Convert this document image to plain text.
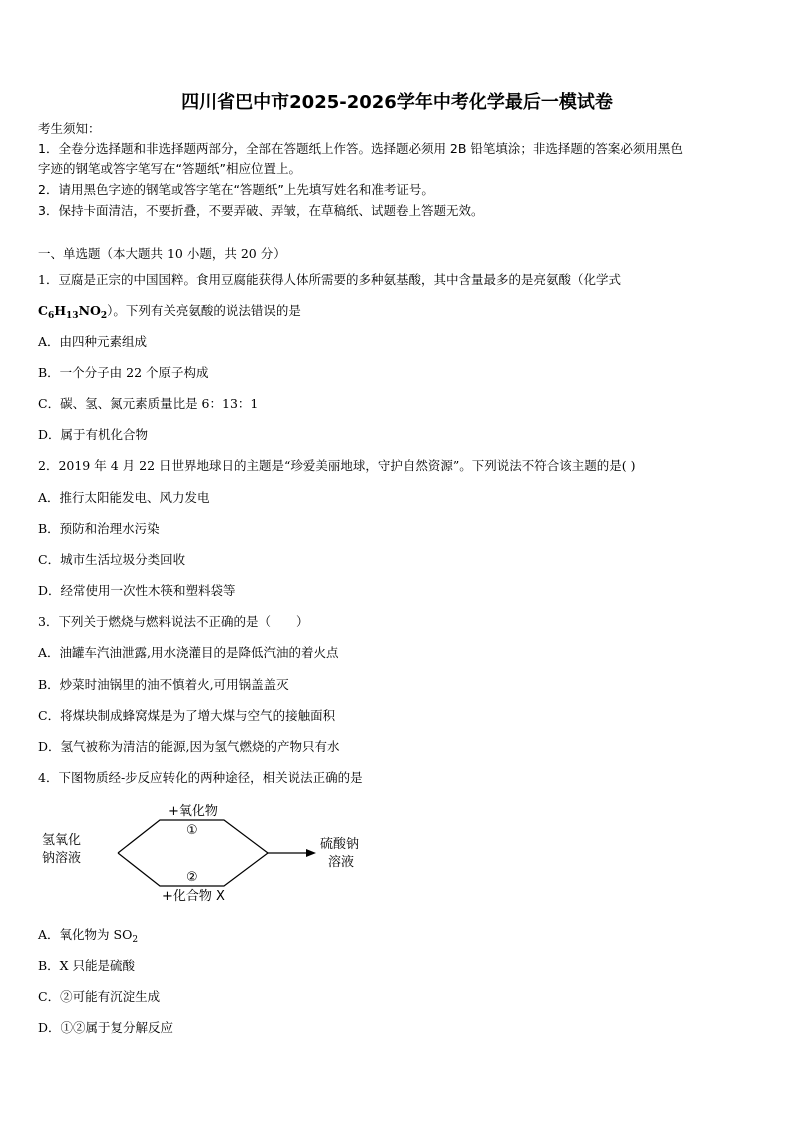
四川省巴中市2025-2026学年中考化学最后一模试卷
考生须知：
1．全卷分选择题和非选择题两部分，全部在答题纸上作答。选择题必须用 2B 铅笔填涂；非选择题的答案必须用黑色
字迹的钢笔或答字笔写在“答题纸”相应位置上。
2．请用黑色字迹的钢笔或答字笔在“答题纸”上先填写姓名和准考证号。
3．保持卡面清洁，不要折叠，不要弄破、弄皱，在草稿纸、试题卷上答题无效。
一、单选题（本大题共 10 小题，共 20 分）
1．豆腐是正宗的中国国粹。食用豆腐能获得人体所需要的多种氨基酸，其中含量最多的是亮氨酸（化学式
$C_6H_{13}NO_2$）。下列有关亮氨酸的说法错误的是
A．由四种元素组成
B．一个分子由 22 个原子构成
C．碳、氢、氮元素质量比是 6：13：1
D．属于有机化合物
2．2019 年 4 月 22 日世界地球日的主题是“珍爱美丽地球，守护自然资源”。下列说法不符合该主题的是( )
A．推行太阳能发电、风力发电
B．预防和治理水污染
C．城市生活垃圾分类回收
D．经常使用一次性木筷和塑料袋等
3．下列关于燃烧与燃料说法不正确的是（　　）
A．油罐车汽油泄露,用水浇灌目的是降低汽油的着火点
B．炒菜时油锅里的油不慎着火,可用锅盖盖灭
C．将煤块制成蜂窝煤是为了增大煤与空气的接触面积
D．氢气被称为清洁的能源,因为氢气燃烧的产物只有水
4．下图物质经-步反应转化的两种途径，相关说法正确的是
氢氧化
钠溶液
+氧化物
①
②
+化合物 X
硫酸钠
溶液
A．氧化物为 $SO_2$
B．X 只能是硫酸
C．②可能有沉淀生成
D．①②属于复分解反应
